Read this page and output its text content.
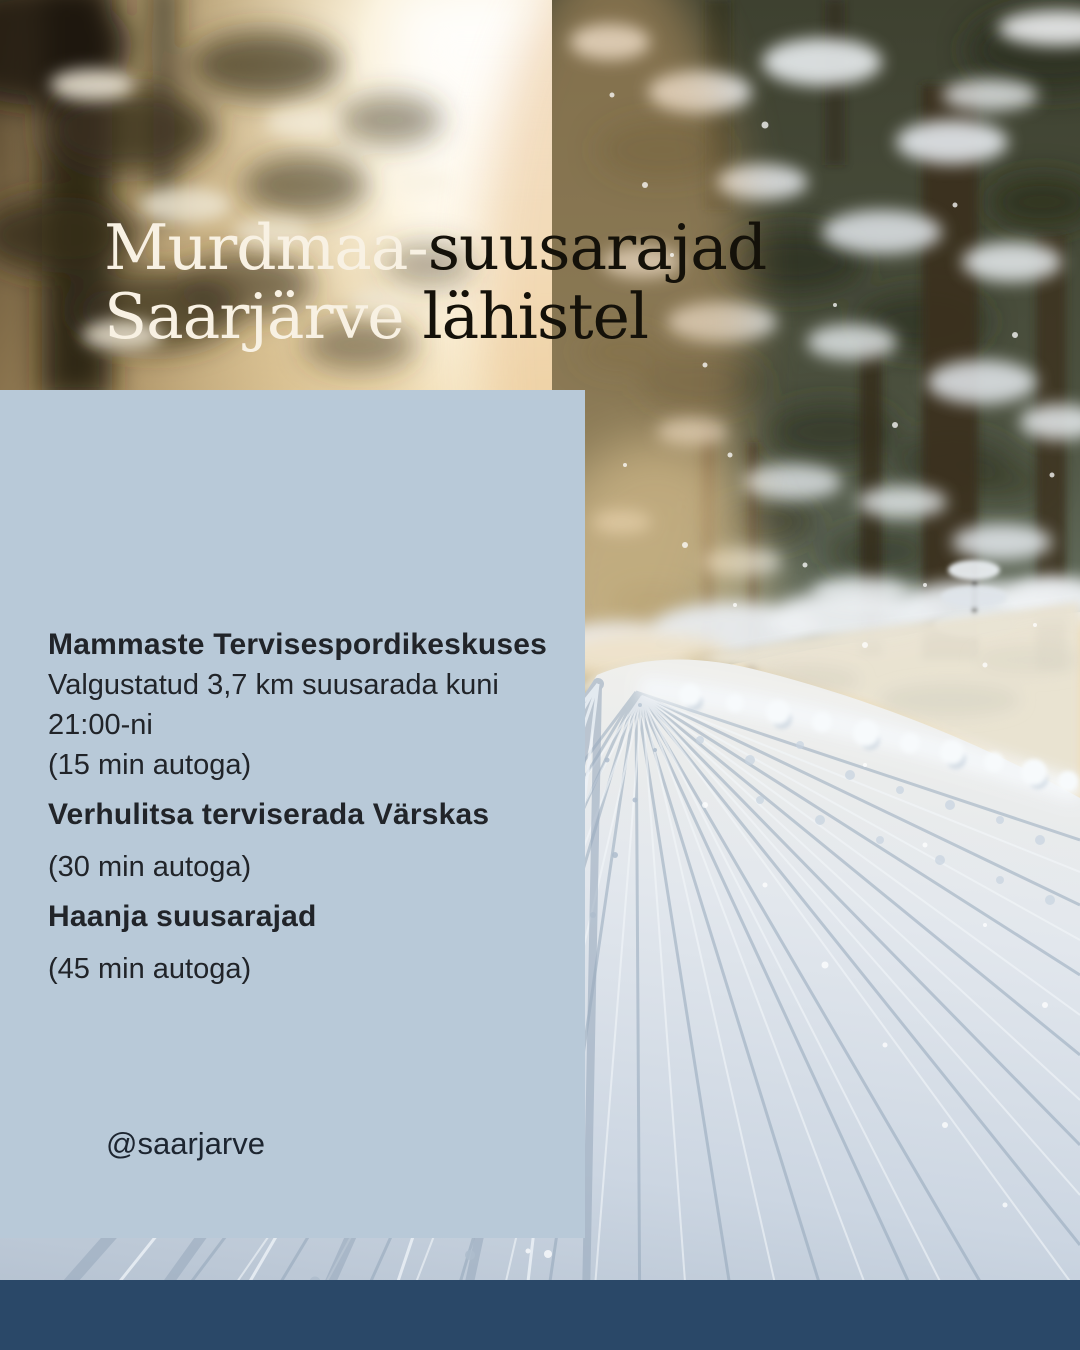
Murdmaa-suusarajad
Saarjärve lähistel
Mammaste Tervisespordikeskuses
Valgustatud 3,7 km suusarada kuni
21:00-ni
(15 min autoga)
Verhulitsa terviserada Värskas
(30 min autoga)
Haanja suusarajad
(45 min autoga)
@saarjarve
